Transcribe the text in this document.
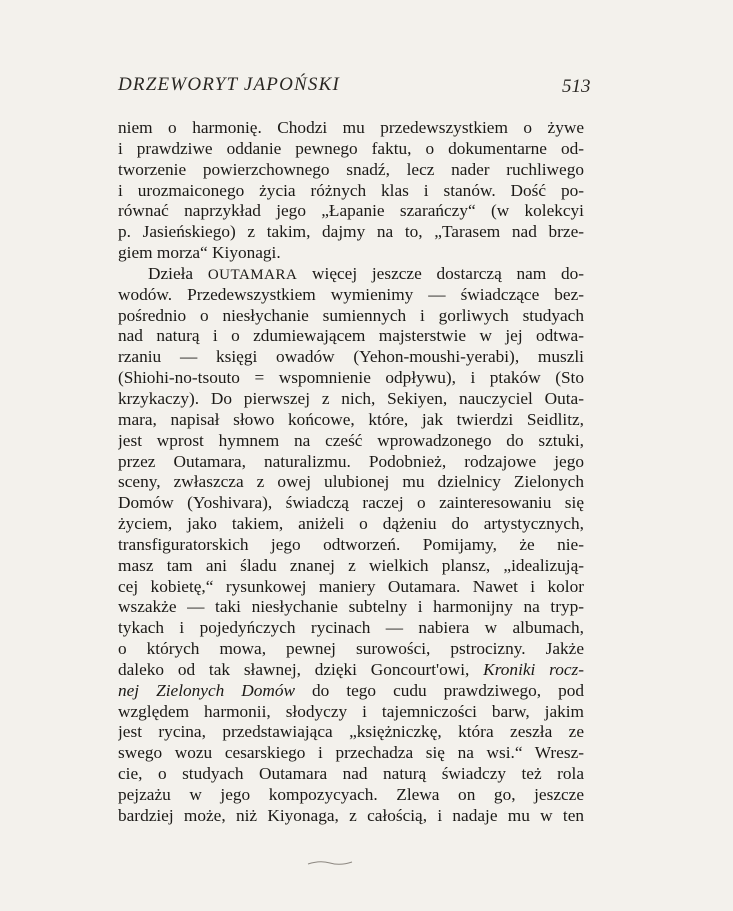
DRZEWORYT JAPOŃSKI	513
niem o harmonię. Chodzi mu przedewszystkiem o żywe
i prawdziwe oddanie pewnego faktu, o dokumentarne od-
tworzenie powierzchownego snadź, lecz nader ruchliwego
i urozmaiconego życia różnych klas i stanów. Dość po-
równać naprzykład jego „Łapanie szarańczy“ (w kolekcyi
p. Jasieńskiego) z takim, dajmy na to, „Tarasem nad brze-
giem morza“ Kiyonagi.
Dzieła OUTAMARA więcej jeszcze dostarczą nam do-
wodów. Przedewszystkiem wymienimy — świadczące bez-
pośrednio o niesłychanie sumiennych i gorliwych studyach
nad naturą i o zdumiewającem majsterstwie w jej odtwa-
rzaniu — księgi owadów (Yehon-moushi-yerabi), muszli
(Shiohi-no-tsouto = wspomnienie odpływu), i ptaków (Sto
krzykaczy). Do pierwszej z nich, Sekiyen, nauczyciel Outa-
mara, napisał słowo końcowe, które, jak twierdzi Seidlitz,
jest wprost hymnem na cześć wprowadzonego do sztuki,
przez Outamara, naturalizmu. Podobnież, rodzajowe jego
sceny, zwłaszcza z owej ulubionej mu dzielnicy Zielonych
Domów (Yoshivara), świadczą raczej o zainteresowaniu się
życiem, jako takiem, aniżeli o dążeniu do artystycznych,
transfiguratorskich jego odtworzeń. Pomijamy, że nie-
masz tam ani śladu znanej z wielkich plansz, „idealizują-
cej kobietę,“ rysunkowej maniery Outamara. Nawet i kolor
wszakże — taki niesłychanie subtelny i harmonijny na tryp-
tykach i pojedyńczych rycinach — nabiera w albumach,
o których mowa, pewnej surowości, pstrocizny. Jakże
daleko od tak sławnej, dzięki Goncourt'owi, Kroniki rocz-
nej Zielonych Domów do tego cudu prawdziwego, pod
względem harmonii, słodyczy i tajemniczości barw, jakim
jest rycina, przedstawiająca „księżniczkę, która zeszła ze
swego wozu cesarskiego i przechadza się na wsi.“ Wresz-
cie, o studyach Outamara nad naturą świadczy też rola
pejzażu w jego kompozycyach. Zlewa on go, jeszcze
bardziej może, niż Kiyonaga, z całością, i nadaje mu w ten
